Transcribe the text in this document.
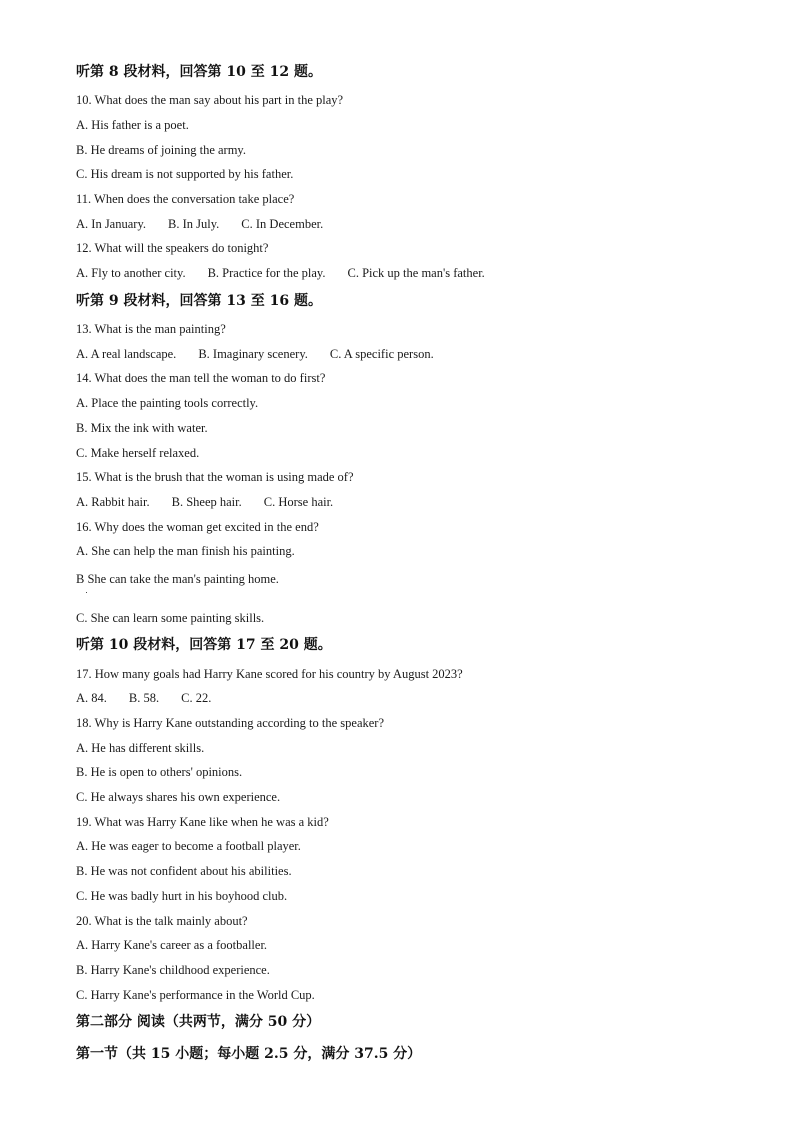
听第 8 段材料，回答第 10 至 12 题。
10. What does the man say about his part in the play?
A. His father is a poet.
B. He dreams of joining the army.
C. His dream is not supported by his father.
11. When does the conversation take place?
A. In January. B. In July. C. In December.
12. What will the speakers do tonight?
A. Fly to another city. B. Practice for the play. C. Pick up the man's father.
听第 9 段材料，回答第 13 至 16 题。
13. What is the man painting?
A. A real landscape. B. Imaginary scenery. C. A specific person.
14. What does the man tell the woman to do first?
A. Place the painting tools correctly.
B. Mix the ink with water.
C. Make herself relaxed.
15. What is the brush that the woman is using made of?
A. Rabbit hair. B. Sheep hair. C. Horse hair.
16. Why does the woman get excited in the end?
A. She can help the man finish his painting.
B She can take the man's painting home.
C. She can learn some painting skills.
听第 10 段材料，回答第 17 至 20 题。
17. How many goals had Harry Kane scored for his country by August 2023?
A. 84. B. 58. C. 22.
18. Why is Harry Kane outstanding according to the speaker?
A. He has different skills.
B. He is open to others' opinions.
C. He always shares his own experience.
19. What was Harry Kane like when he was a kid?
A. He was eager to become a football player.
B. He was not confident about his abilities.
C. He was badly hurt in his boyhood club.
20. What is the talk mainly about?
A. Harry Kane's career as a footballer.
B. Harry Kane's childhood experience.
C. Harry Kane's performance in the World Cup.
第二部分 阅读（共两节，满分 50 分）
第一节（共 15 小题；每小题 2.5 分，满分 37.5 分）
